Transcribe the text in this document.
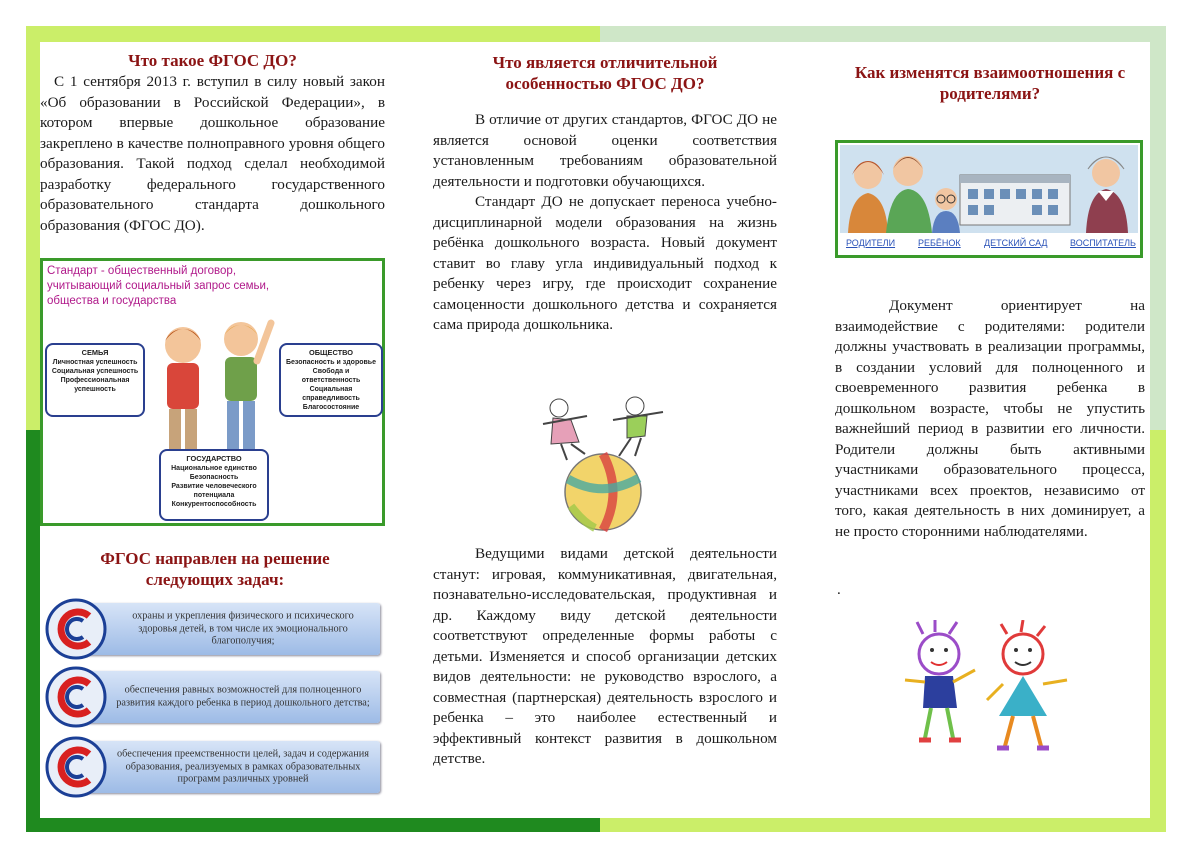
Что такое ФГОС ДО?

С 1 сентября 2013 г. вступил в силу новый закон «Об образовании в Российской Федерации», в котором впервые дошкольное образование закреплено в качестве полноправного уровня общего образования. Такой подход сделал необходимой разработку федерального государственного образовательного стандарта дошкольного образования (ФГОС ДО).

Стандарт - общественный договор, учитывающий социальный запрос семьи, общества и государства
СЕМЬЯ
Личностная успешность
Социальная успешность
Профессиональная успешность
ОБЩЕСТВО
Безопасность и здоровье
Свобода и ответственность
Социальная справедливость
Благосостояние
ГОСУДАРСТВО
Национальное единство
Безопасность
Развитие человеческого потенциала
Конкурентоспособность
ФГОС направлен на решение следующих задач:
охраны и укрепления физического и психического здоровья детей, в том числе их эмоционального благополучия;
обеспечения равных возможностей для полноценного развития каждого ребенка в период дошкольного детства;
обеспечения преемственности целей, задач и содержания образования, реализуемых в рамках образовательных программ различных уровней
Что является отличительной особенностью ФГОС ДО?

В отличие от других стандартов, ФГОС ДО не является основой оценки соответствия установленным требованиям образовательной деятельности и подготовки обучающихся.

Стандарт ДО не допускает переноса учебно-дисциплинарной модели образования на жизнь ребёнка дошкольного возраста. Новый документ ставит во главу угла индивидуальный подход к ребенку через игру, где происходит сохранение самоценности дошкольного детства и сохраняется сама природа дошкольника.

Ведущими видами детской деятельности станут: игровая, коммуникативная, двигательная, познавательно-исследовательская, продуктивная и др. Каждому виду детской деятельности соответствуют определенные формы работы с детьми. Изменяется и способ организации детских видов деятельности: не руководство взрослого, а совместная (партнерская) деятельность взрослого и ребенка – это наиболее естественный и эффективный контекст развития в дошкольном детстве.

Как изменятся взаимоотношения с родителями?
РОДИТЕЛИ	РЕБЁНОК	ДЕТСКИЙ САД	ВОСПИТАТЕЛЬ

Документ ориентирует на взаимодействие с родителями: родители должны участвовать в реализации программы, в создании условий для полноценного и своевременного развития ребенка в дошкольном возрасте, чтобы не упустить важнейший период в развитии его личности. Родители должны быть активными участниками образовательного процесса, участниками всех проектов, независимо от того, какая деятельность в них доминирует, а не просто сторонними наблюдателями.

.
